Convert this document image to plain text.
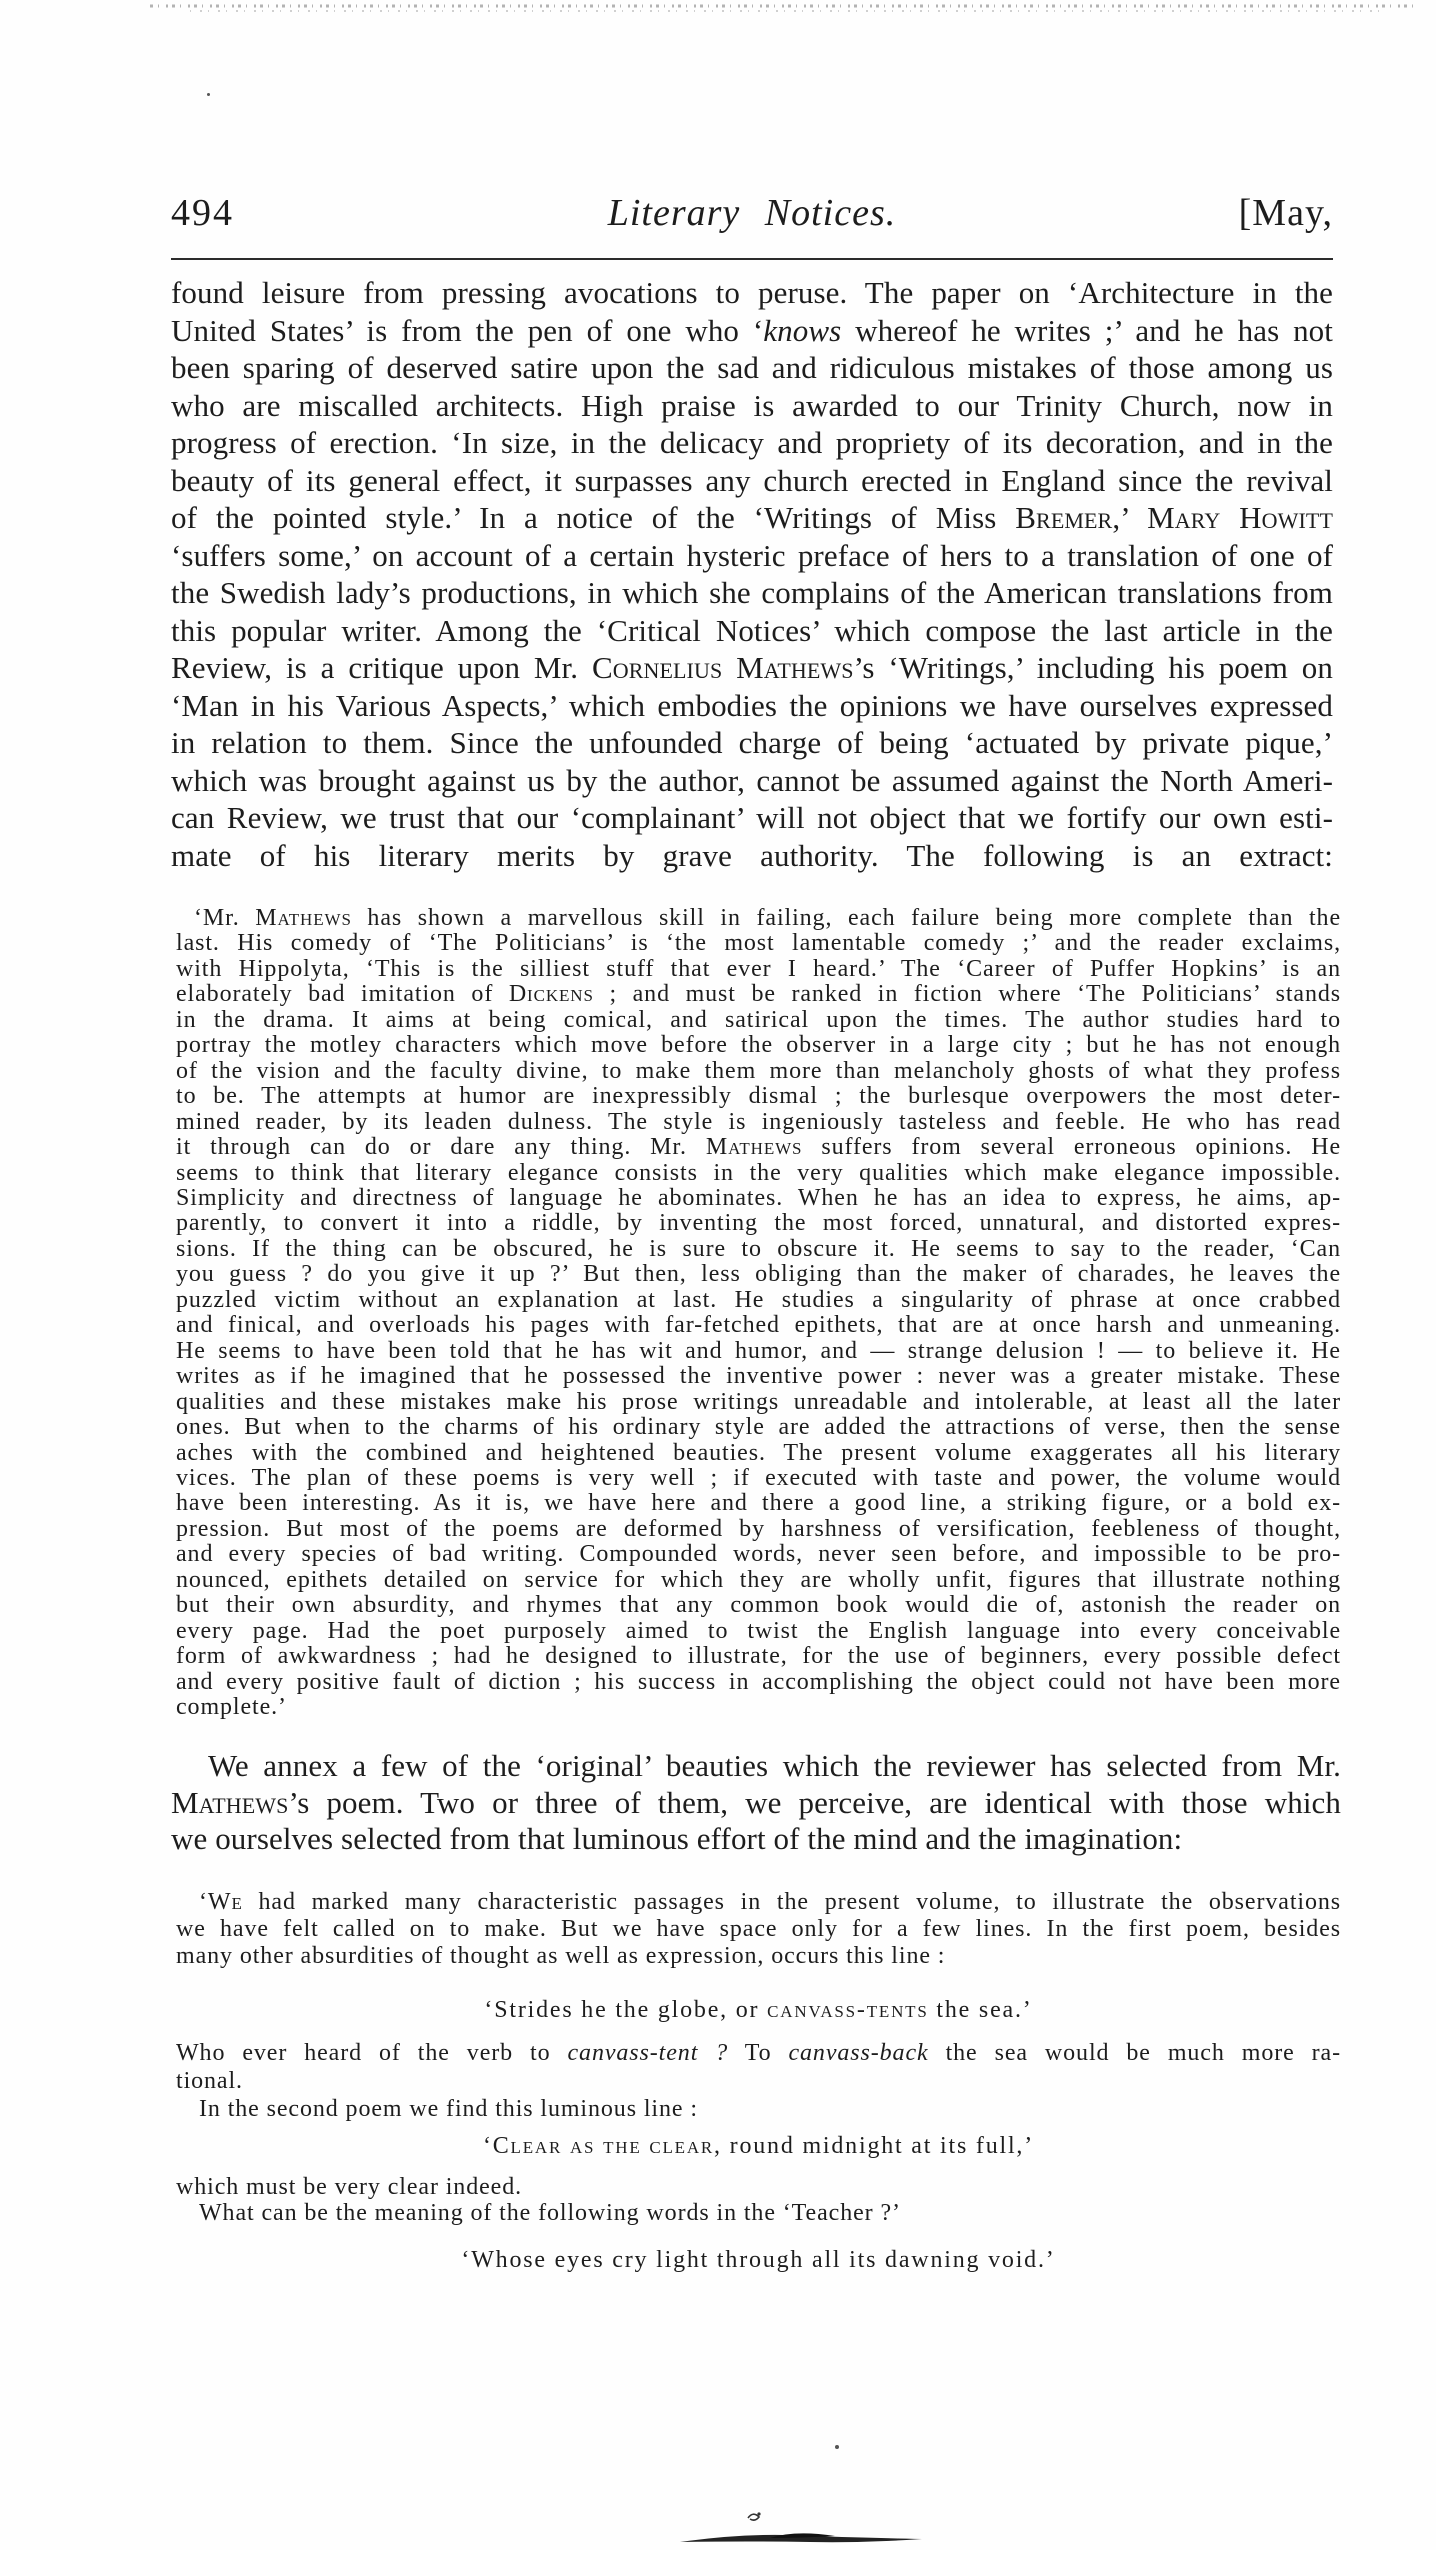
494	Literary Notices.	[May,
found leisure from pressing avocations to peruse. The paper on ‘Architecture in the
United States’ is from the pen of one who ‘knows whereof he writes ;’ and he has not
been sparing of deserved satire upon the sad and ridiculous mistakes of those among us
who are miscalled architects. High praise is awarded to our Trinity Church, now in
progress of erection. ‘In size, in the delicacy and propriety of its decoration, and in the
beauty of its general effect, it surpasses any church erected in England since the revival
of the pointed style.’ In a notice of the ‘Writings of Miss Bremer,’ Mary Howitt
‘suffers some,’ on account of a certain hysteric preface of hers to a translation of one of
the Swedish lady’s productions, in which she complains of the American translations from
this popular writer. Among the ‘Critical Notices’ which compose the last article in the
Review, is a critique upon Mr. Cornelius Mathews’s ‘Writings,’ including his poem on
‘Man in his Various Aspects,’ which embodies the opinions we have ourselves expressed
in relation to them. Since the unfounded charge of being ‘actuated by private pique,’
which was brought against us by the author, cannot be assumed against the North Ameri-
can Review, we trust that our ‘complainant’ will not object that we fortify our own esti-
mate of his literary merits by grave authority. The following is an extract:
‘Mr. Mathews has shown a marvellous skill in failing, each failure being more complete than the
last. His comedy of ‘The Politicians’ is ‘the most lamentable comedy ;’ and the reader exclaims,
with Hippolyta, ‘This is the silliest stuff that ever I heard.’ The ‘Career of Puffer Hopkins’ is an
elaborately bad imitation of Dickens ; and must be ranked in fiction where ‘The Politicians’ stands
in the drama. It aims at being comical, and satirical upon the times. The author studies hard to
portray the motley characters which move before the observer in a large city ; but he has not enough
of the vision and the faculty divine, to make them more than melancholy ghosts of what they profess
to be. The attempts at humor are inexpressibly dismal ; the burlesque overpowers the most deter-
mined reader, by its leaden dulness. The style is ingeniously tasteless and feeble. He who has read
it through can do or dare any thing. Mr. Mathews suffers from several erroneous opinions. He
seems to think that literary elegance consists in the very qualities which make elegance impossible.
Simplicity and directness of language he abominates. When he has an idea to express, he aims, ap-
parently, to convert it into a riddle, by inventing the most forced, unnatural, and distorted expres-
sions. If the thing can be obscured, he is sure to obscure it. He seems to say to the reader, ‘Can
you guess ? do you give it up ?’ But then, less obliging than the maker of charades, he leaves the
puzzled victim without an explanation at last. He studies a singularity of phrase at once crabbed
and finical, and overloads his pages with far-fetched epithets, that are at once harsh and unmeaning.
He seems to have been told that he has wit and humor, and — strange delusion ! — to believe it. He
writes as if he imagined that he possessed the inventive power : never was a greater mistake. These
qualities and these mistakes make his prose writings unreadable and intolerable, at least all the later
ones. But when to the charms of his ordinary style are added the attractions of verse, then the sense
aches with the combined and heightened beauties. The present volume exaggerates all his literary
vices. The plan of these poems is very well ; if executed with taste and power, the volume would
have been interesting. As it is, we have here and there a good line, a striking figure, or a bold ex-
pression. But most of the poems are deformed by harshness of versification, feebleness of thought,
and every species of bad writing. Compounded words, never seen before, and impossible to be pro-
nounced, epithets detailed on service for which they are wholly unfit, figures that illustrate nothing
but their own absurdity, and rhymes that any common book would die of, astonish the reader on
every page. Had the poet purposely aimed to twist the English language into every conceivable
form of awkwardness ; had he designed to illustrate, for the use of beginners, every possible defect
and every positive fault of diction ; his success in accomplishing the object could not have been more
complete.’
We annex a few of the ‘original’ beauties which the reviewer has selected from Mr.
Mathews’s poem. Two or three of them, we perceive, are identical with those which
we ourselves selected from that luminous effort of the mind and the imagination:
‘We had marked many characteristic passages in the present volume, to illustrate the observations
we have felt called on to make. But we have space only for a few lines. In the first poem, besides
many other absurdities of thought as well as expression, occurs this line :
‘Strides he the globe, or canvass-tents the sea.’
Who ever heard of the verb to canvass-tent ? To canvass-back the sea would be much more ra-
tional.
In the second poem we find this luminous line :
‘Clear as the clear, round midnight at its full,’
which must be very clear indeed.
What can be the meaning of the following words in the ‘Teacher ?’
‘Whose eyes cry light through all its dawning void.’
